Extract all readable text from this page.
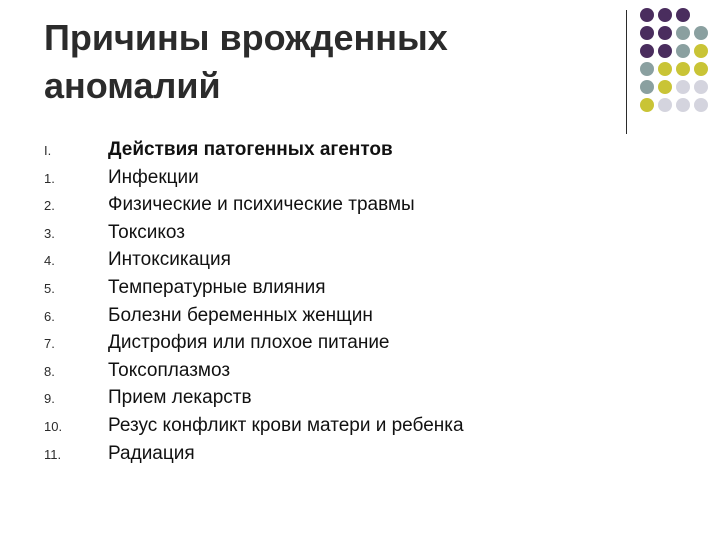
Причины врожденных
аномалий
I.	Действия патогенных агентов
1.	Инфекции
2.	Физические и психические травмы
3.	Токсикоз
4.	Интоксикация
5.	Температурные влияния
6.	Болезни беременных женщин
7.	Дистрофия или плохое питание
8.	Токсоплазмоз
9.	Прием лекарств
10. Резус конфликт крови матери и ребенка
11. Радиация
